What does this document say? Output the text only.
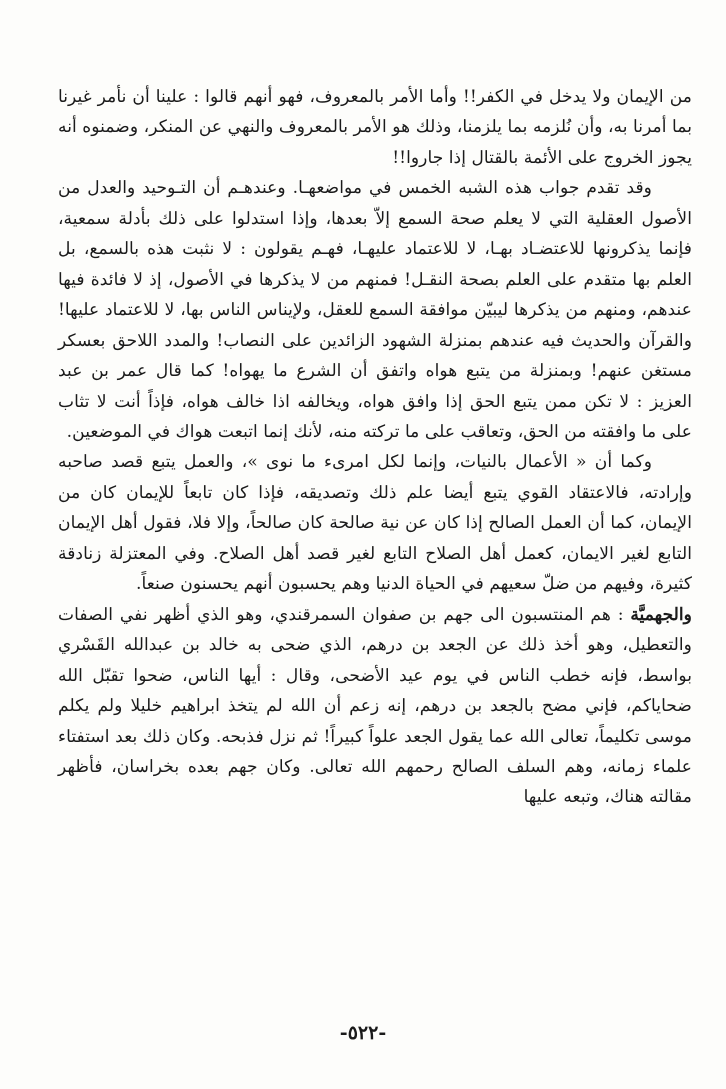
من الإيمان ولا يدخل في الكفر!! وأما الأمر بالمعروف، فهو أنهم قالوا : علينا أن نأمر غيرنا بما أمرنا به، وأن نُلزمه بما يلزمنا، وذلك هو الأمر بالمعروف والنهي عن المنكر، وضمنوه أنه يجوز الخروج على الأئمة بالقتال إذا جاروا!!

وقد تقدم جواب هذه الشبه الخمس في مواضعهـا. وعندهـم أن التـوحيد والعدل من الأصول العقلية التي لا يعلم صحة السمع إلاّ بعدها، وإذا استدلوا على ذلك بأدلة سمعية، فإنما يذكرونها للاعتضـاد بهـا، لا للاعتماد عليهـا، فهـم يقولون : لا نثبت هذه بالسمع، بل العلم بها متقدم على العلم بصحة النقـل! فمنهم من لا يذكرها في الأصول، إذ لا فائدة فيها عندهم، ومنهم من يذكرها ليبيّن موافقة السمع للعقل، ولإيناس الناس بها، لا للاعتماد عليها! والقرآن والحديث فيه عندهم بمنزلة الشهود الزائدين على النصاب! والمدد اللاحق بعسكر مستغن عنهم! وبمنزلة من يتبع هواه واتفق أن الشرع ما يهواه! كما قال عمر بن عبد العزيز : لا تكن ممن يتبع الحق إذا وافق هواه، ويخالفه اذا خالف هواه، فإذاً أنت لا تثاب على ما وافقته من الحق، وتعاقب على ما تركته منه، لأنك إنما اتبعت هواك في الموضعين.

وكما أن « الأعمال بالنيات، وإنما لكل امرىء ما نوى »، والعمل يتبع قصد صاحبه وإرادته، فالاعتقاد القوي يتبع أيضا علم ذلك وتصديقه، فإذا كان تابعاً للإيمان كان من الإيمان، كما أن العمل الصالح إذا كان عن نية صالحة كان صالحاً، وإلا فلا، فقول أهل الإيمان التابع لغير الايمان، كعمل أهل الصلاح التابع لغير قصد أهل الصلاح. وفي المعتزلة زنادقة كثيرة، وفيهم من ضلّ سعيهم في الحياة الدنيا وهم يحسبون أنهم يحسنون صنعاً.

والجهميَّة : هم المنتسبون الى جهم بن صفوان السمرقندي، وهو الذي أظهر نفي الصفات والتعطيل، وهو أخذ ذلك عن الجعد بن درهم، الذي ضحى به خالد بن عبدالله القَسْري بواسط، فإنه خطب الناس في يوم عيد الأضحى، وقال : أيها الناس، ضحوا تقبّل الله ضحاياكم، فإني مضح بالجعد بن درهم، إنه زعم أن الله لم يتخذ ابراهيم خليلا ولم يكلم موسى تكليماً، تعالى الله عما يقول الجعد علواً كبيراً! ثم نزل فذبحه. وكان ذلك بعد استفتاء علماء زمانه، وهم السلف الصالح رحمهم الله تعالى. وكان جهم بعده بخراسان، فأظهر مقالته هناك، وتبعه عليها

-٥٢٢-
